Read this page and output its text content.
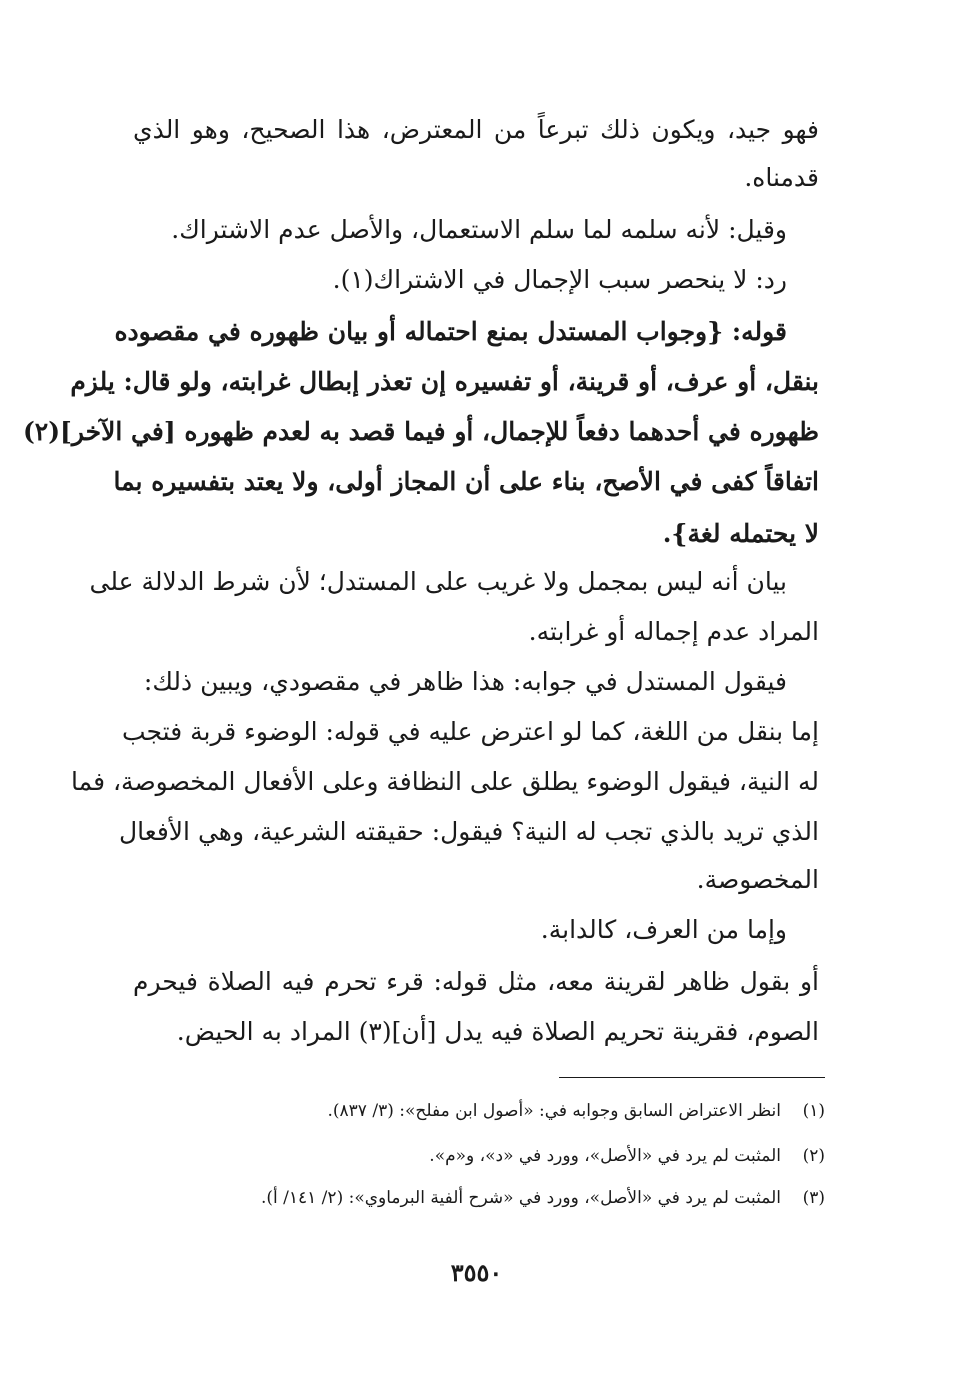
فهو جيد، ويكون ذلك تبرعاً من المعترض، هذا الصحيح، وهو الذي
قدمناه.
وقيل: لأنه سلمه لما سلم الاستعمال، والأصل عدم الاشتراك.
رد: لا ينحصر سبب الإجمال في الاشتراك(١).
قوله: {وجواب المستدل بمنع احتماله أو بيان ظهوره في مقصوده
بنقل، أو عرف، أو قرينة، أو تفسيره إن تعذر إبطال غرابته، ولو قال: يلزم
ظهوره في أحدهما دفعاً للإجمال، أو فيما قصد به لعدم ظهوره [في الآخر](٢)
اتفاقاً كفى في الأصح، بناء على أن المجاز أولى، ولا يعتد بتفسيره بما
لا يحتمله لغة}.
بيان أنه ليس بمجمل ولا غريب على المستدل؛ لأن شرط الدلالة على
المراد عدم إجماله أو غرابته.
فيقول المستدل في جوابه: هذا ظاهر في مقصودي، ويبين ذلك:
إما بنقل من اللغة، كما لو اعترض عليه في قوله: الوضوء قربة فتجب
له النية، فيقول الوضوء يطلق على النظافة وعلى الأفعال المخصوصة، فما
الذي تريد بالذي تجب له النية؟ فيقول: حقيقته الشرعية، وهي الأفعال
المخصوصة.
وإما من العرف، كالدابة.
أو بقول ظاهر لقرينة معه، مثل قوله: قرء تحرم فيه الصلاة فيحرم
الصوم، فقرينة تحريم الصلاة فيه يدل [أن](٣) المراد به الحيض.
(١)انظر الاعتراض السابق وجوابه في: «أصول ابن مفلح»: (٣/ ٨٣٧).
(٢)المثبت لم يرد في «الأصل»، وورد في «د»، و«م».
(٣)المثبت لم يرد في «الأصل»، وورد في «شرح ألفية البرماوي»: (٢/ ١٤١/ أ).
٣٥٥٠
